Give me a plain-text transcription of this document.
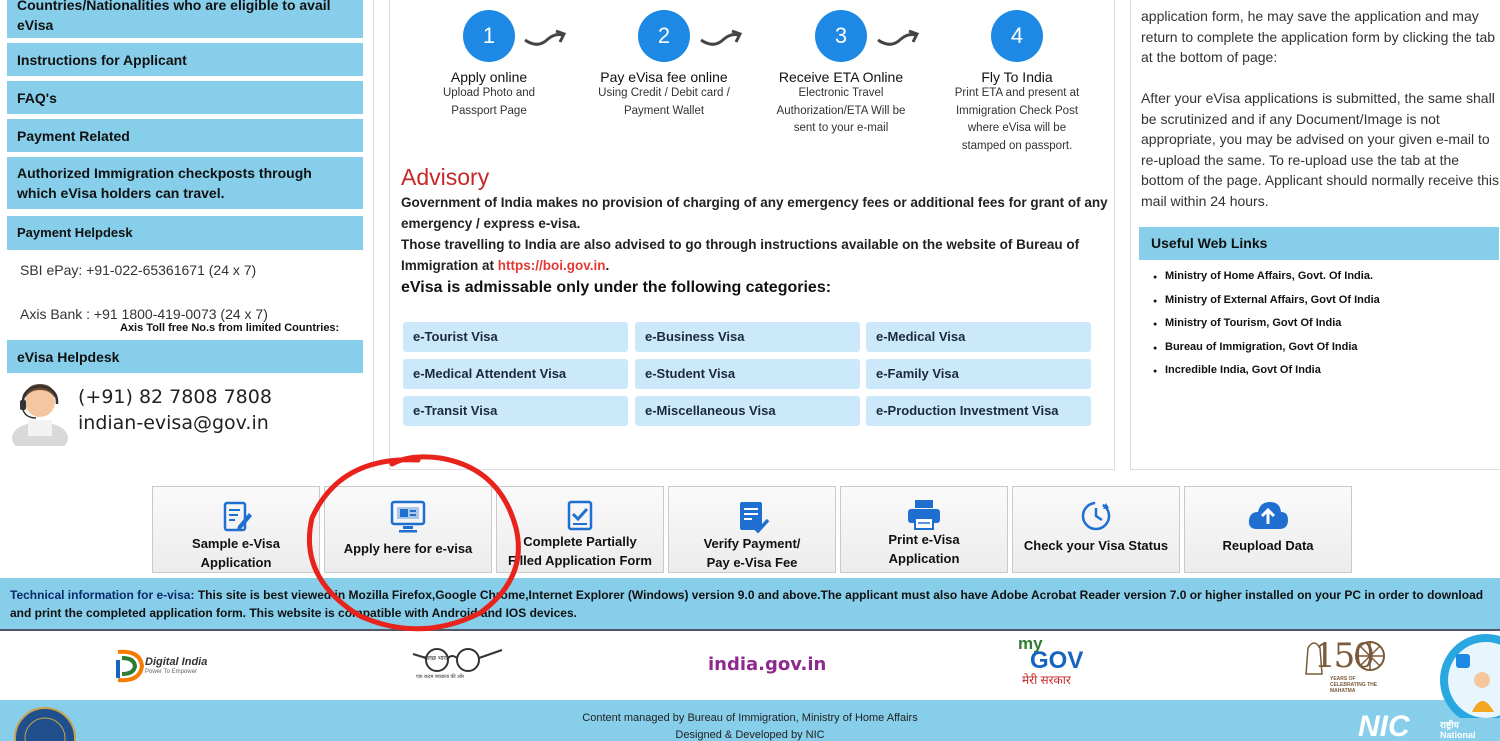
Countries/Nationalities who are eligible to avail eVisa
Instructions for Applicant
FAQ's
Payment Related
Authorized Immigration checkposts through which eVisa holders can travel.
Payment Helpdesk
SBI ePay: +91-022-65361671 (24 x 7)
Axis Bank : +91 1800-419-0073 (24 x 7)
Axis Toll free No.s from limited Countries:
eVisa Helpdesk
(+91) 82 7808 7808
indian-evisa@gov.in
1
Apply online
Upload Photo and Passport Page
2
Pay eVisa fee online
Using Credit / Debit card / Payment Wallet
3
Receive ETA Online
Electronic Travel Authorization/ETA Will be sent to your e-mail
4
Fly To India
Print ETA and present at Immigration Check Post where eVisa will be stamped on passport.
Advisory
Government of India makes no provision of charging of any emergency fees or additional fees for grant of any emergency / express e-visa.
Those travelling to India are also advised to go through instructions available on the website of Bureau of Immigration at https://boi.gov.in.
eVisa is admissable only under the following categories:
e-Tourist Visa	e-Business Visa	e-Medical Visa
e-Medical Attendent Visa	e-Student Visa	e-Family Visa
e-Transit Visa	e-Miscellaneous Visa	e-Production Investment Visa
application form, he may save the application and may return to complete the application form by clicking the tab at the bottom of page:
After your eVisa applications is submitted, the same shall be scrutinized and if any Document/Image is not appropriate, you may be advised on your given e-mail to re-upload the same. To re-upload use the tab at the bottom of the page. Applicant should normally receive this mail within 24 hours.
Useful Web Links
● Ministry of Home Affairs, Govt. Of India.
● Ministry of External Affairs, Govt Of India
● Ministry of Tourism, Govt Of India
● Bureau of Immigration, Govt Of India
● Incredible India, Govt Of India
Sample e-Visa
Application
Apply here for e-visa	Complete Partially
Filled Application Form
Verify Payment/
Pay e-Visa Fee
Print e-Visa
Application
Check your Visa Status	Reupload Data
Technical information for e-visa: This site is best viewed in Mozilla Firefox,Google Chrome,Internet Explorer (Windows) version 9.0 and above.The applicant must also have Adobe Acrobat Reader version 7.0 or higher installed on your PC in order to download and print the completed application form. This website is compatible with Android and IOS devices.
Digital India
Power To Empower
स्वच्छ भारत
एक कदम स्वच्छता की ओर
india.gov.in
my
GOV
मेरी सरकार
150
YEARS OF CELEBRATING THE MAHATMA
Content managed by Bureau of Immigration, Ministry of Home Affairs
Designed & Developed by NIC	NIC	राष्ट्रीय
National
